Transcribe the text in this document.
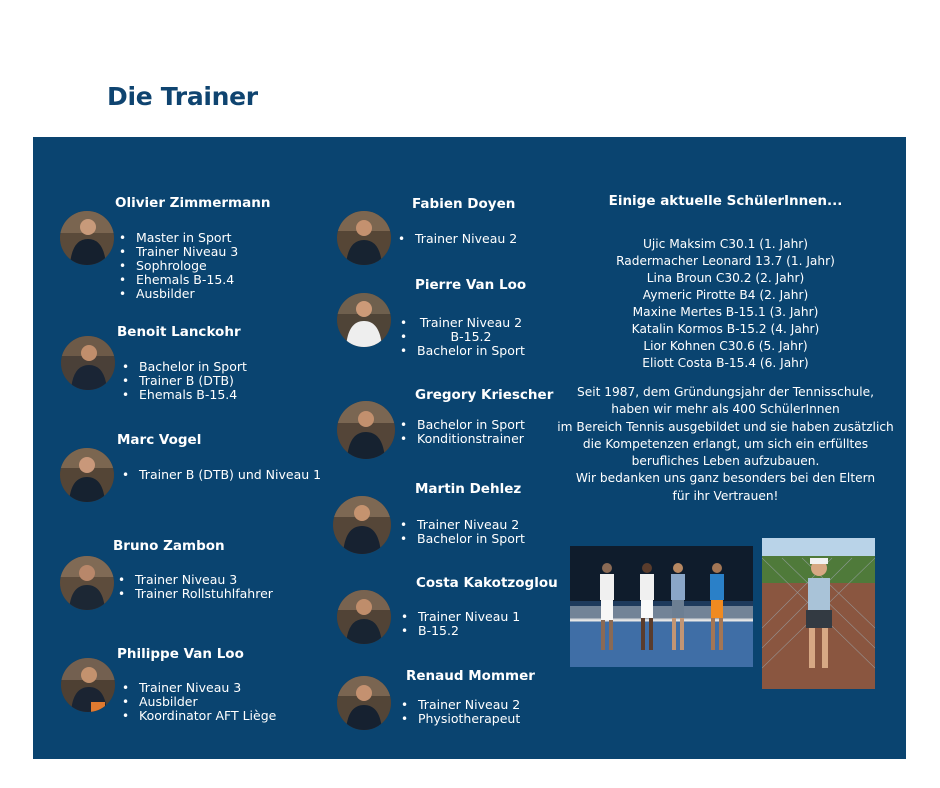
Die Trainer
Olivier Zimmermann
• Master in Sport
• Trainer Niveau 3
• Sophrologe
• Ehemals B-15.4
• Ausbilder
Benoit Lanckohr
• Bachelor in Sport
• Trainer B (DTB)
• Ehemals B-15.4
Marc Vogel
• Trainer B (DTB) und Niveau 1
Bruno Zambon
• Trainer Niveau 3
• Trainer Rollstuhlfahrer
Philippe Van Loo
• Trainer Niveau 3
• Ausbilder
• Koordinator AFT Liège
Fabien Doyen
• Trainer Niveau 2
Pierre Van Loo
• Trainer Niveau 2
• B-15.2
• Bachelor in Sport
Gregory Kriescher
• Bachelor in Sport
• Konditionstrainer
Martin Dehlez
• Trainer Niveau 2
• Bachelor in Sport
Costa Kakotzoglou
• Trainer Niveau 1
• B-15.2
Renaud Mommer
• Trainer Niveau 2
• Physiotherapeut
Einige aktuelle SchülerInnen...
Ujic Maksim C30.1 (1. Jahr)
Radermacher Leonard 13.7 (1. Jahr)
Lina Broun C30.2 (2. Jahr)
Aymeric Pirotte B4 (2. Jahr)
Maxine Mertes B-15.1 (3. Jahr)
Katalin Kormos B-15.2 (4. Jahr)
Lior Kohnen C30.6 (5. Jahr)
Eliott Costa B-15.4 (6. Jahr)
Seit 1987, dem Gründungsjahr der Tennisschule,
haben wir mehr als 400 SchülerInnen
im Bereich Tennis ausgebildet und sie haben zusätzlich
die Kompetenzen erlangt, um sich ein erfülltes
berufliches Leben aufzubauen.
Wir bedanken uns ganz besonders bei den Eltern
für ihr Vertrauen!
